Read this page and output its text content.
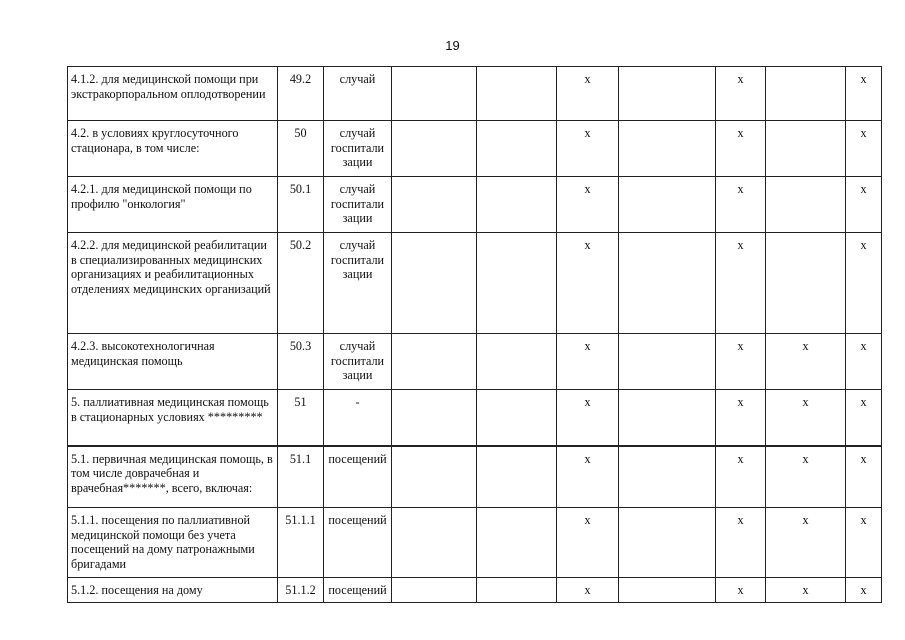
19
4.1.2. для медицинской помощи при экстракорпоральном оплодотворении	49.2	случай			х		х		х
4.2. в условиях круглосуточного стационара, в том числе:	50	случай госпитали зации			х		х		х
4.2.1. для медицинской помощи по профилю "онкология"	50.1	случай госпитали зации			х		х		х
4.2.2. для медицинской реабилитации в специализированных медицинских организациях и реабилитационных отделениях медицинских организаций	50.2	случай госпитали зации			х		х		х
4.2.3. высокотехнологичная медицинская помощь	50.3	случай госпитали зации			х		х	х	х
5. паллиативная медицинская помощь в стационарных условиях *********	51	-			х		х	х	х
5.1. первичная медицинская помощь, в том числе доврачебная и врачебная*******, всего, включая:	51.1	посещений			х		х	х	х
5.1.1. посещения по паллиативной медицинской помощи без учета посещений на дому патронажными бригадами	51.1.1	посещений			х		х	х	х
5.1.2. посещения на дому	51.1.2	посещений			х		х	х	х
